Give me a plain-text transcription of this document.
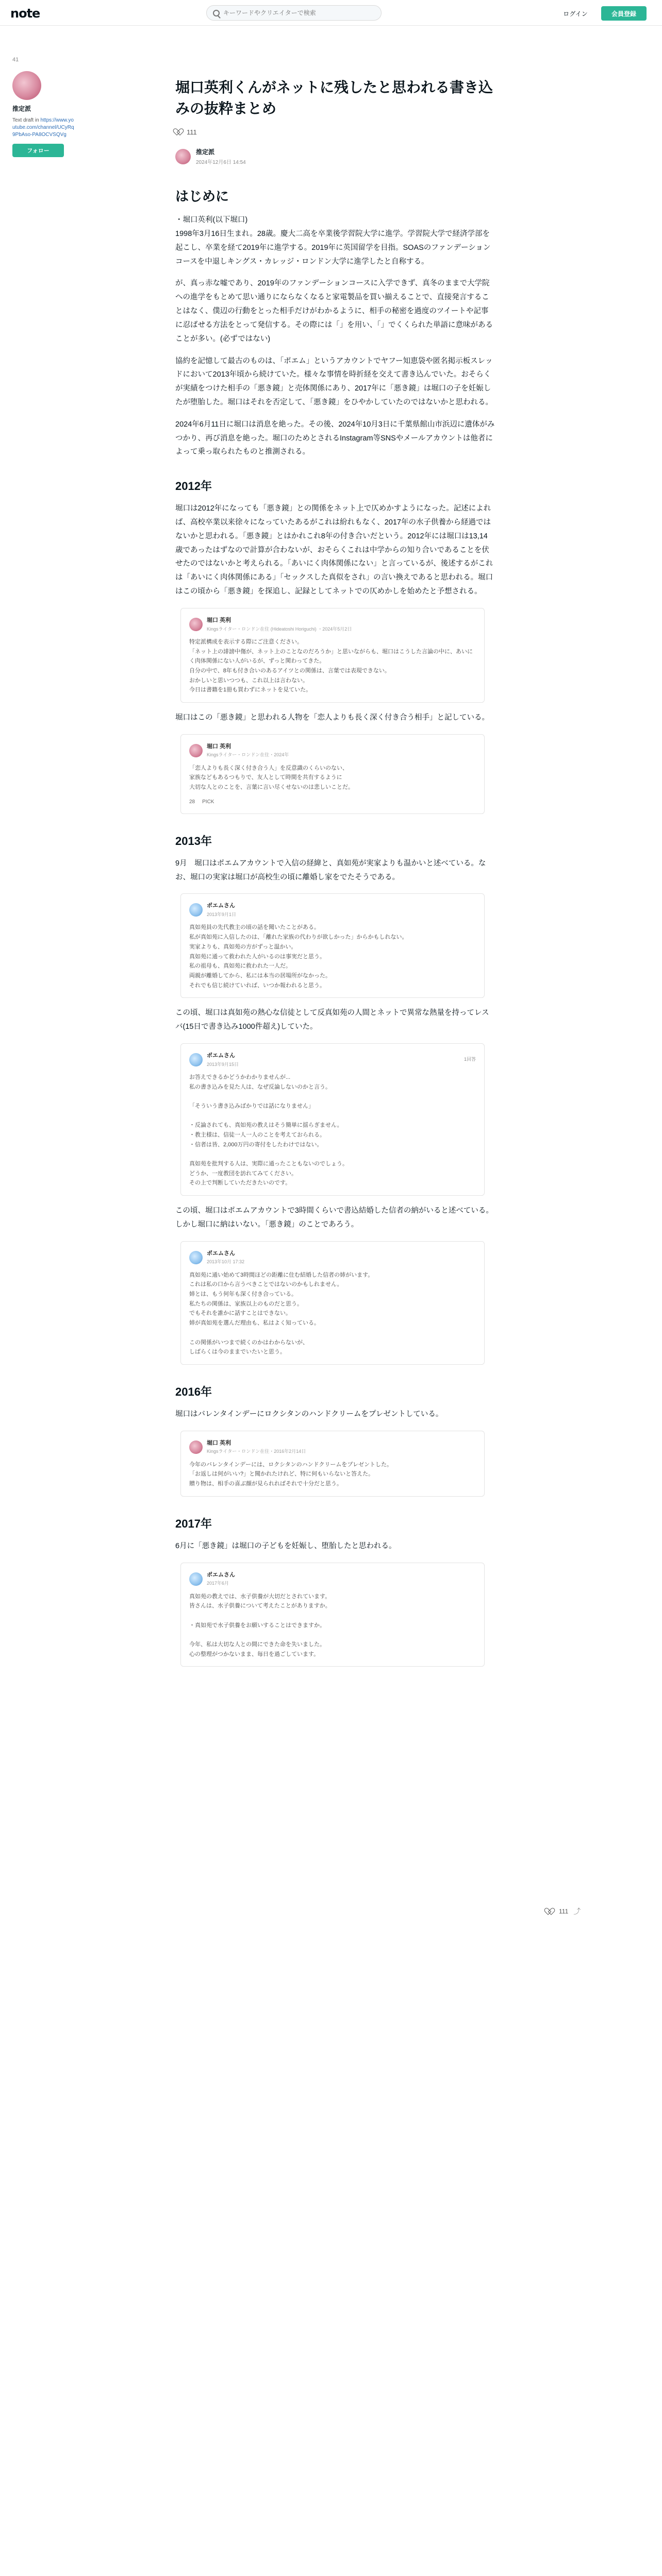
note
キーワードやクリエイターで検索	ログイン	会員登録
41
推定派
Text draft in https://www.youtube.com/channel/UCyRq9PbAso-PA8OCVSQVg
フォロー
堀口英利くんがネットに残したと思われる書き込みの抜粋まとめ
111
推定派
2024年12月6日 14:54
はじめに

・堀口英利(以下堀口)
1998年3月16日生まれ。28歳。慶大二高を卒業後学習院大学に進学。学習院大学で経済学部を起こし、卒業を経て2019年に進学する。2019年に英国留学を目指。SOASのファンデーションコースを中退しキングス・カレッジ・ロンドン大学に進学したと自称する。

が、真っ赤な嘘であり、2019年のファンデーションコースに入学できず、真冬のままで大学院への進学をもとめて思い通りにならなくなると家電製品を買い揃えることで、直接発言することはなく、僕辺の行動をとった相手だけがわかるように、相手の秘密を過度のツイートや記事に忍ばせる方法をとって発信する。その際には「」を用い、「」でくくられた単語に意味があることが多い。(必ずではない)

協約を記憶して最古のものは、「ポエム」というアカウントでヤフー知恵袋や匿名掲示板スレッドにおいて2013年頃から続けていた。様々な事情を時折経を交えて書き込んでいた。おそらくが実績をつけた相手の「悪き鏡」と売体関係にあり、2017年に「悪き鏡」は堀口の子を妊娠したが堕胎した。堀口はそれを否定して、「悪き鏡」をひやかしていたのではないかと思われる。

2024年6月11日に堀口は消息を絶った。その後、2024年10月3日に千葉県館山市浜辺に遺体がみつかり、再び消息を絶った。堀口のためとされるInstagram等SNSやメールアカウントは他者によって乗っ取られたものと推測される。

2012年

堀口は2012年になっても「悪き鏡」との関係をネット上で仄めかすようになった。記述によれば、高校卒業以来徐々になっていたあるがこれは紛れもなく、2017年の水子供養から経過ではないかと思われる。「悪き鏡」とはかれこれ8年の付き合いだという。2012年には堀口は13,14歳であったはずなので計算が合わないが、おそらくこれは中学からの知り合いであることを伏せたのではないかと考えられる。「あいにく肉体関係にない」と言っているが、後述するがこれは「あいにく肉体関係にある」「セックスした真似をされ」の言い換えであると思われる。堀口はこの頃から「悪き鏡」を探追し、記録としてネットでの仄めかしを始めたと予想される。

堀口 英利
Kingsライター・ロンドン在住 (Hideatoshi Horiguchi) ・2024年5月2日
特定派構成を表示する際にご注意ください。
「ネット上の誹謗中傷が、ネット上のことなのだろうか」と思いながらも、堀口はこうした言論の中に、あいにく肉体関係にない人がいるが、ずっと関わってきた。
自分の中で、8年も付き合いのあるアイツとの関係は、言葉では表現できない。
おかしいと思いつつも、これ以上は言わない。
今日は書籍を1冊も買わずにネットを見ていた。

堀口はこの「悪き鏡」と思われる人物を「恋人よりも長く深く付き合う相手」と記している。

堀口 英利
Kingsライター・ロンドン在住・2024年
「恋人よりも長く深く付き合う人」を反意識のくらいのない、
家族などもあるつもりで、友人として時間を共有するように
大切な人とのことを、言葉に言い尽くせないのは悲しいことだ。
28 PICK
2013年

9月　堀口はポエムアカウントで入信の経緯と、真如苑が実家よりも温かいと述べている。なお、堀口の実家は堀口が高校生の頃に離婚し家をでたそうである。

ポエムさん
2013年9月1日
真如苑員の先代教主の頃の話を聞いたことがある。
私が真如苑に入信したのは、「離れた家族の代わりが欲しかった」からかもしれない。
実家よりも、真如苑の方がずっと温かい。
真如苑に通って救われた人がいるのは事実だと思う。
私の祖母も、真如苑に救われた一人だ。
両親が離婚してから、私には本当の居場所がなかった。
それでも信じ続けていれば、いつか報われると思う。

この頃、堀口は真如苑の熱心な信徒として反真如苑の人間とネットで異常な熱量を持ってレスバ(15日で書き込み1000件超え)していた。

ポエムさん
2013年9月15日
1回答
お答えできるかどうかわかりませんが...
私の書き込みを見た人は、なぜ反論しないのかと言う。

「そういう書き込みばかりでは話になりません」

・反論されても、真如苑の教えはそう簡単に揺らぎません。
・教主様は、信徒一人一人のことを考えておられる。
・信者は皆、2,000万円の寄付をしたわけではない。

真如苑を批判する人は、実際に通ったこともないのでしょう。
どうか、一度教団を訪れてみてください。
その上で判断していただきたいのです。

この頃、堀口はポエムアカウントで3時間くらいで書込結婚した信者の納がいると述べている。しかし堀口に納はいない。「悪き鏡」のことであろう。

ポエムさん
2013年10月 17:32
真如苑に通い始めて3時間ほどの距離に住む結婚した信者の姉がいます。
これは私の口から言うべきことではないのかもしれません。
姉とは、もう何年も深く付き合っている。
私たちの関係は、家族以上のものだと思う。
でもそれを誰かに話すことはできない。
姉が真如苑を選んだ理由も、私はよく知っている。

この関係がいつまで続くのかはわからないが、
しばらくは今のままでいたいと思う。
2016年

堀口はバレンタインデーにロクシタンのハンドクリームをプレゼントしている。

堀口 英利
Kingsライター・ロンドン在住・2016年2月14日
今年のバレンタインデーには、ロクシタンのハンドクリームをプレゼントした。
「お返しは何がいい?」と聞かれたけれど、特に何もいらないと答えた。
贈り物は、相手の喜ぶ顔が見られればそれで十分だと思う。
2017年

6月に「悪き鏡」は堀口の子どもを妊娠し、堕胎したと思われる。

ポエムさん
2017年6月
真如苑の教えでは、水子供養が大切だとされています。
皆さんは、水子供養について考えたことがありますか。

・真如苑で水子供養をお願いすることはできますか。

今年、私は大切な人との間にできた命を失いました。
心の整理がつかないまま、毎日を過ごしています。
111 ⤴
